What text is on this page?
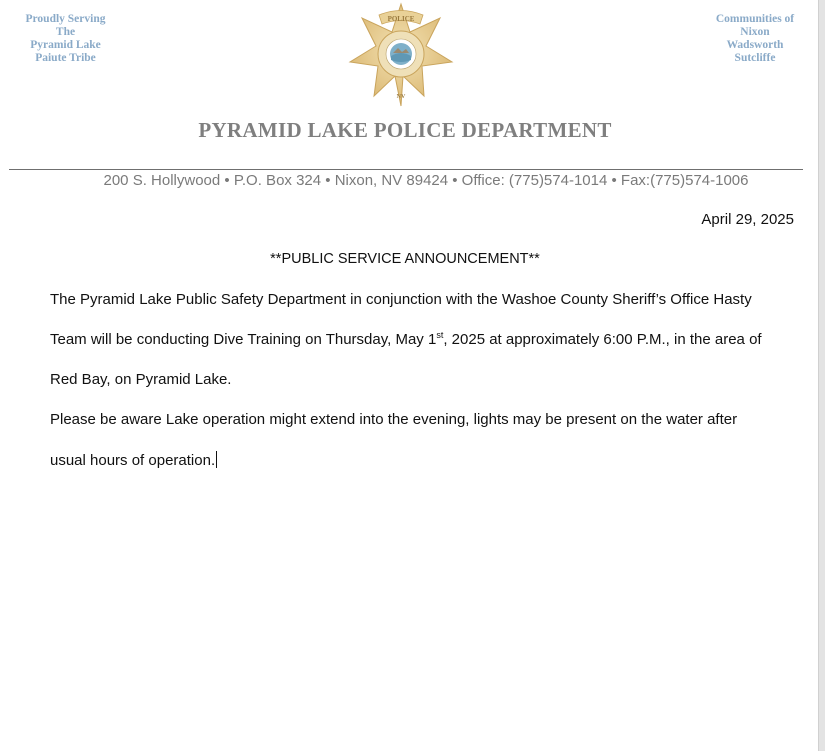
Proudly Serving
The
Pyramid Lake
Paiute Tribe
POLICE
NV
Communities of
Nixon
Wadsworth
Sutcliffe
PYRAMID LAKE POLICE DEPARTMENT
200 S. Hollywood • P.O. Box 324 • Nixon, NV 89424 • Office: (775)574-1014 • Fax:(775)574-1006
April 29, 2025
**PUBLIC SERVICE ANNOUNCEMENT**
The Pyramid Lake Public Safety Department in conjunction with the Washoe County Sheriff’s Office Hasty
Team will be conducting Dive Training on Thursday, May 1st, 2025 at approximately 6:00 P.M., in the area of
Red Bay, on Pyramid Lake.
Please be aware Lake operation might extend into the evening, lights may be present on the water after
usual hours of operation.
